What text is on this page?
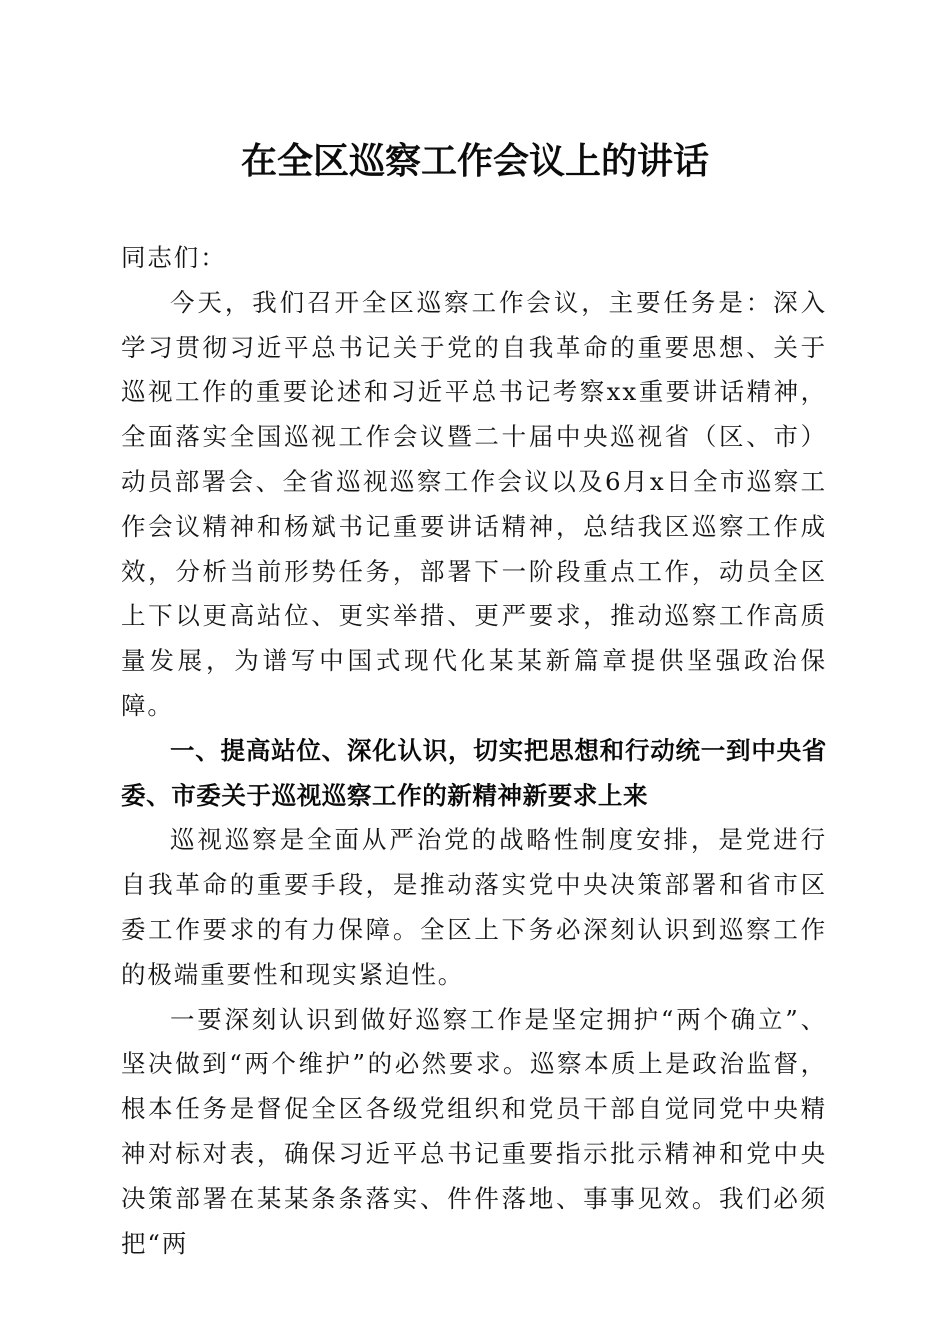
在全区巡察工作会议上的讲话

同志们：

今天，我们召开全区巡察工作会议，主要任务是：深入学习贯彻习近平总书记关于党的自我革命的重要思想、关于巡视工作的重要论述和习近平总书记考察xx重要讲话精神，全面落实全国巡视工作会议暨二十届中央巡视省（区、市）动员部署会、全省巡视巡察工作会议以及6月x日全市巡察工作会议精神和杨斌书记重要讲话精神，总结我区巡察工作成效，分析当前形势任务，部署下一阶段重点工作，动员全区上下以更高站位、更实举措、更严要求，推动巡察工作高质量发展，为谱写中国式现代化某某新篇章提供坚强政治保障。

一、提高站位、深化认识，切实把思想和行动统一到中央省委、市委关于巡视巡察工作的新精神新要求上来

巡视巡察是全面从严治党的战略性制度安排，是党进行自我革命的重要手段，是推动落实党中央决策部署和省市区委工作要求的有力保障。全区上下务必深刻认识到巡察工作的极端重要性和现实紧迫性。

一要深刻认识到做好巡察工作是坚定拥护“两个确立”、坚决做到“两个维护”的必然要求。巡察本质上是政治监督，根本任务是督促全区各级党组织和党员干部自觉同党中央精神对标对表，确保习近平总书记重要指示批示精神和党中央决策部署在某某条条落实、件件落地、事事见效。我们必须把“两
